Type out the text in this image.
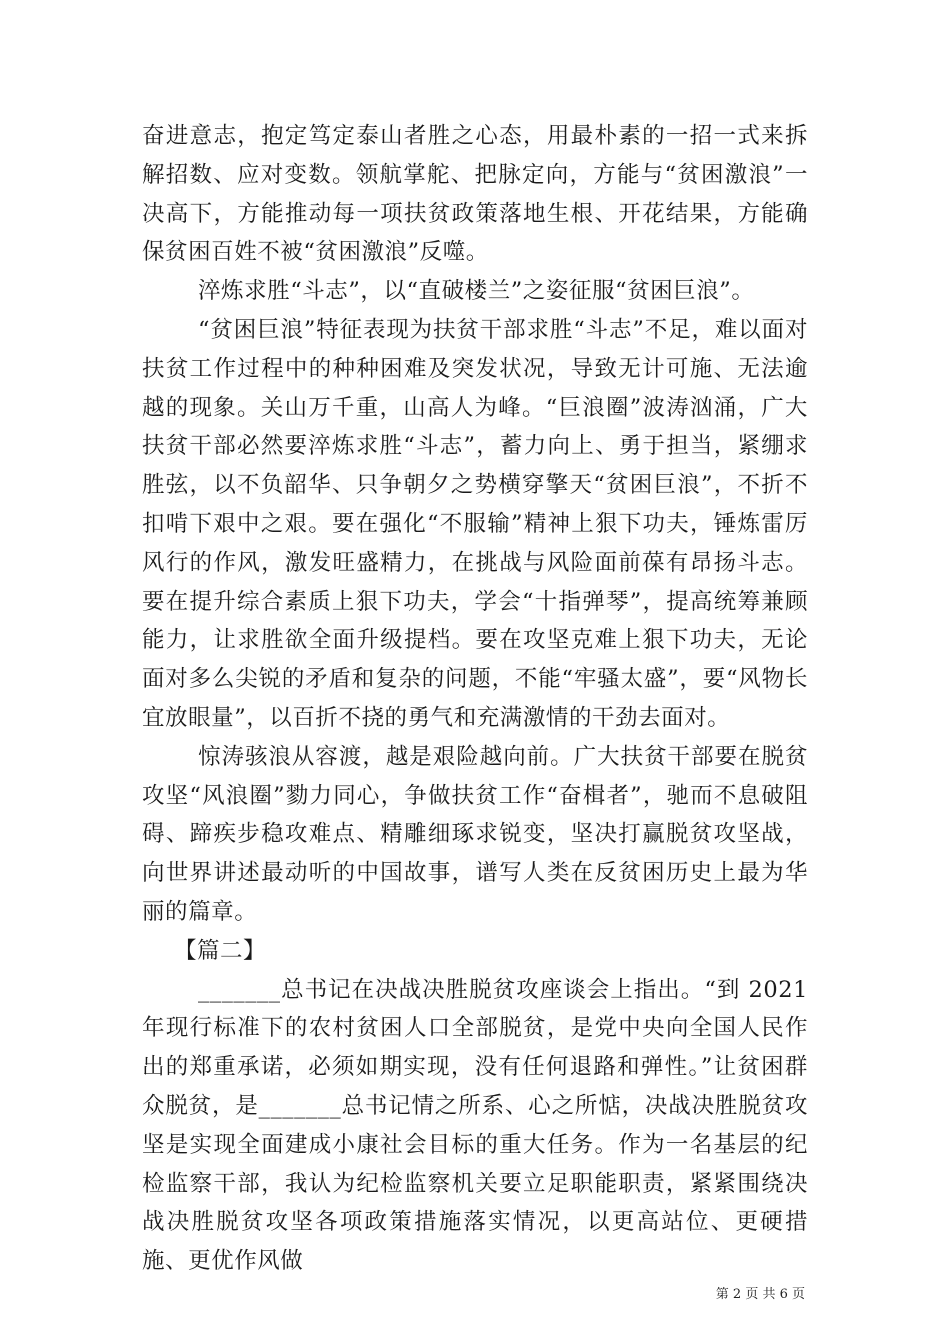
奋进意志，抱定笃定泰山者胜之心态，用最朴素的一招一式来拆解招数、应对变数。领航掌舵、把脉定向，方能与“贫困激浪”一决高下，方能推动每一项扶贫政策落地生根、开花结果，方能确保贫困百姓不被“贫困激浪”反噬。

淬炼求胜“斗志”，以“直破楼兰”之姿征服“贫困巨浪”。

“贫困巨浪”特征表现为扶贫干部求胜“斗志”不足，难以面对扶贫工作过程中的种种困难及突发状况，导致无计可施、无法逾越的现象。关山万千重，山高人为峰。“巨浪圈”波涛汹涌，广大扶贫干部必然要淬炼求胜“斗志”，蓄力向上、勇于担当，紧绷求胜弦，以不负韶华、只争朝夕之势横穿擎天“贫困巨浪”，不折不扣啃下艰中之艰。要在强化“不服输”精神上狠下功夫，锤炼雷厉风行的作风，激发旺盛精力，在挑战与风险面前葆有昂扬斗志。要在提升综合素质上狠下功夫，学会“十指弹琴”，提高统筹兼顾能力，让求胜欲全面升级提档。要在攻坚克难上狠下功夫，无论面对多么尖锐的矛盾和复杂的问题，不能“牢骚太盛”，要“风物长宜放眼量”，以百折不挠的勇气和充满激情的干劲去面对。

惊涛骇浪从容渡，越是艰险越向前。广大扶贫干部要在脱贫攻坚“风浪圈”勠力同心，争做扶贫工作“奋楫者”，驰而不息破阻碍、蹄疾步稳攻难点、精雕细琢求锐变，坚决打赢脱贫攻坚战，向世界讲述最动听的中国故事，谱写人类在反贫困历史上最为华丽的篇章。

【篇二】

_______总书记在决战决胜脱贫攻座谈会上指出。“到 2021 年现行标准下的农村贫困人口全部脱贫，是党中央向全国人民作出的郑重承诺，必须如期实现，没有任何退路和弹性。”让贫困群众脱贫，是_______总书记情之所系、心之所惦，决战决胜脱贫攻坚是实现全面建成小康社会目标的重大任务。作为一名基层的纪检监察干部，我认为纪检监察机关要立足职能职责，紧紧围绕决战决胜脱贫攻坚各项政策措施落实情况，以更高站位、更硬措施、更优作风做

第 2 页 共 6 页
